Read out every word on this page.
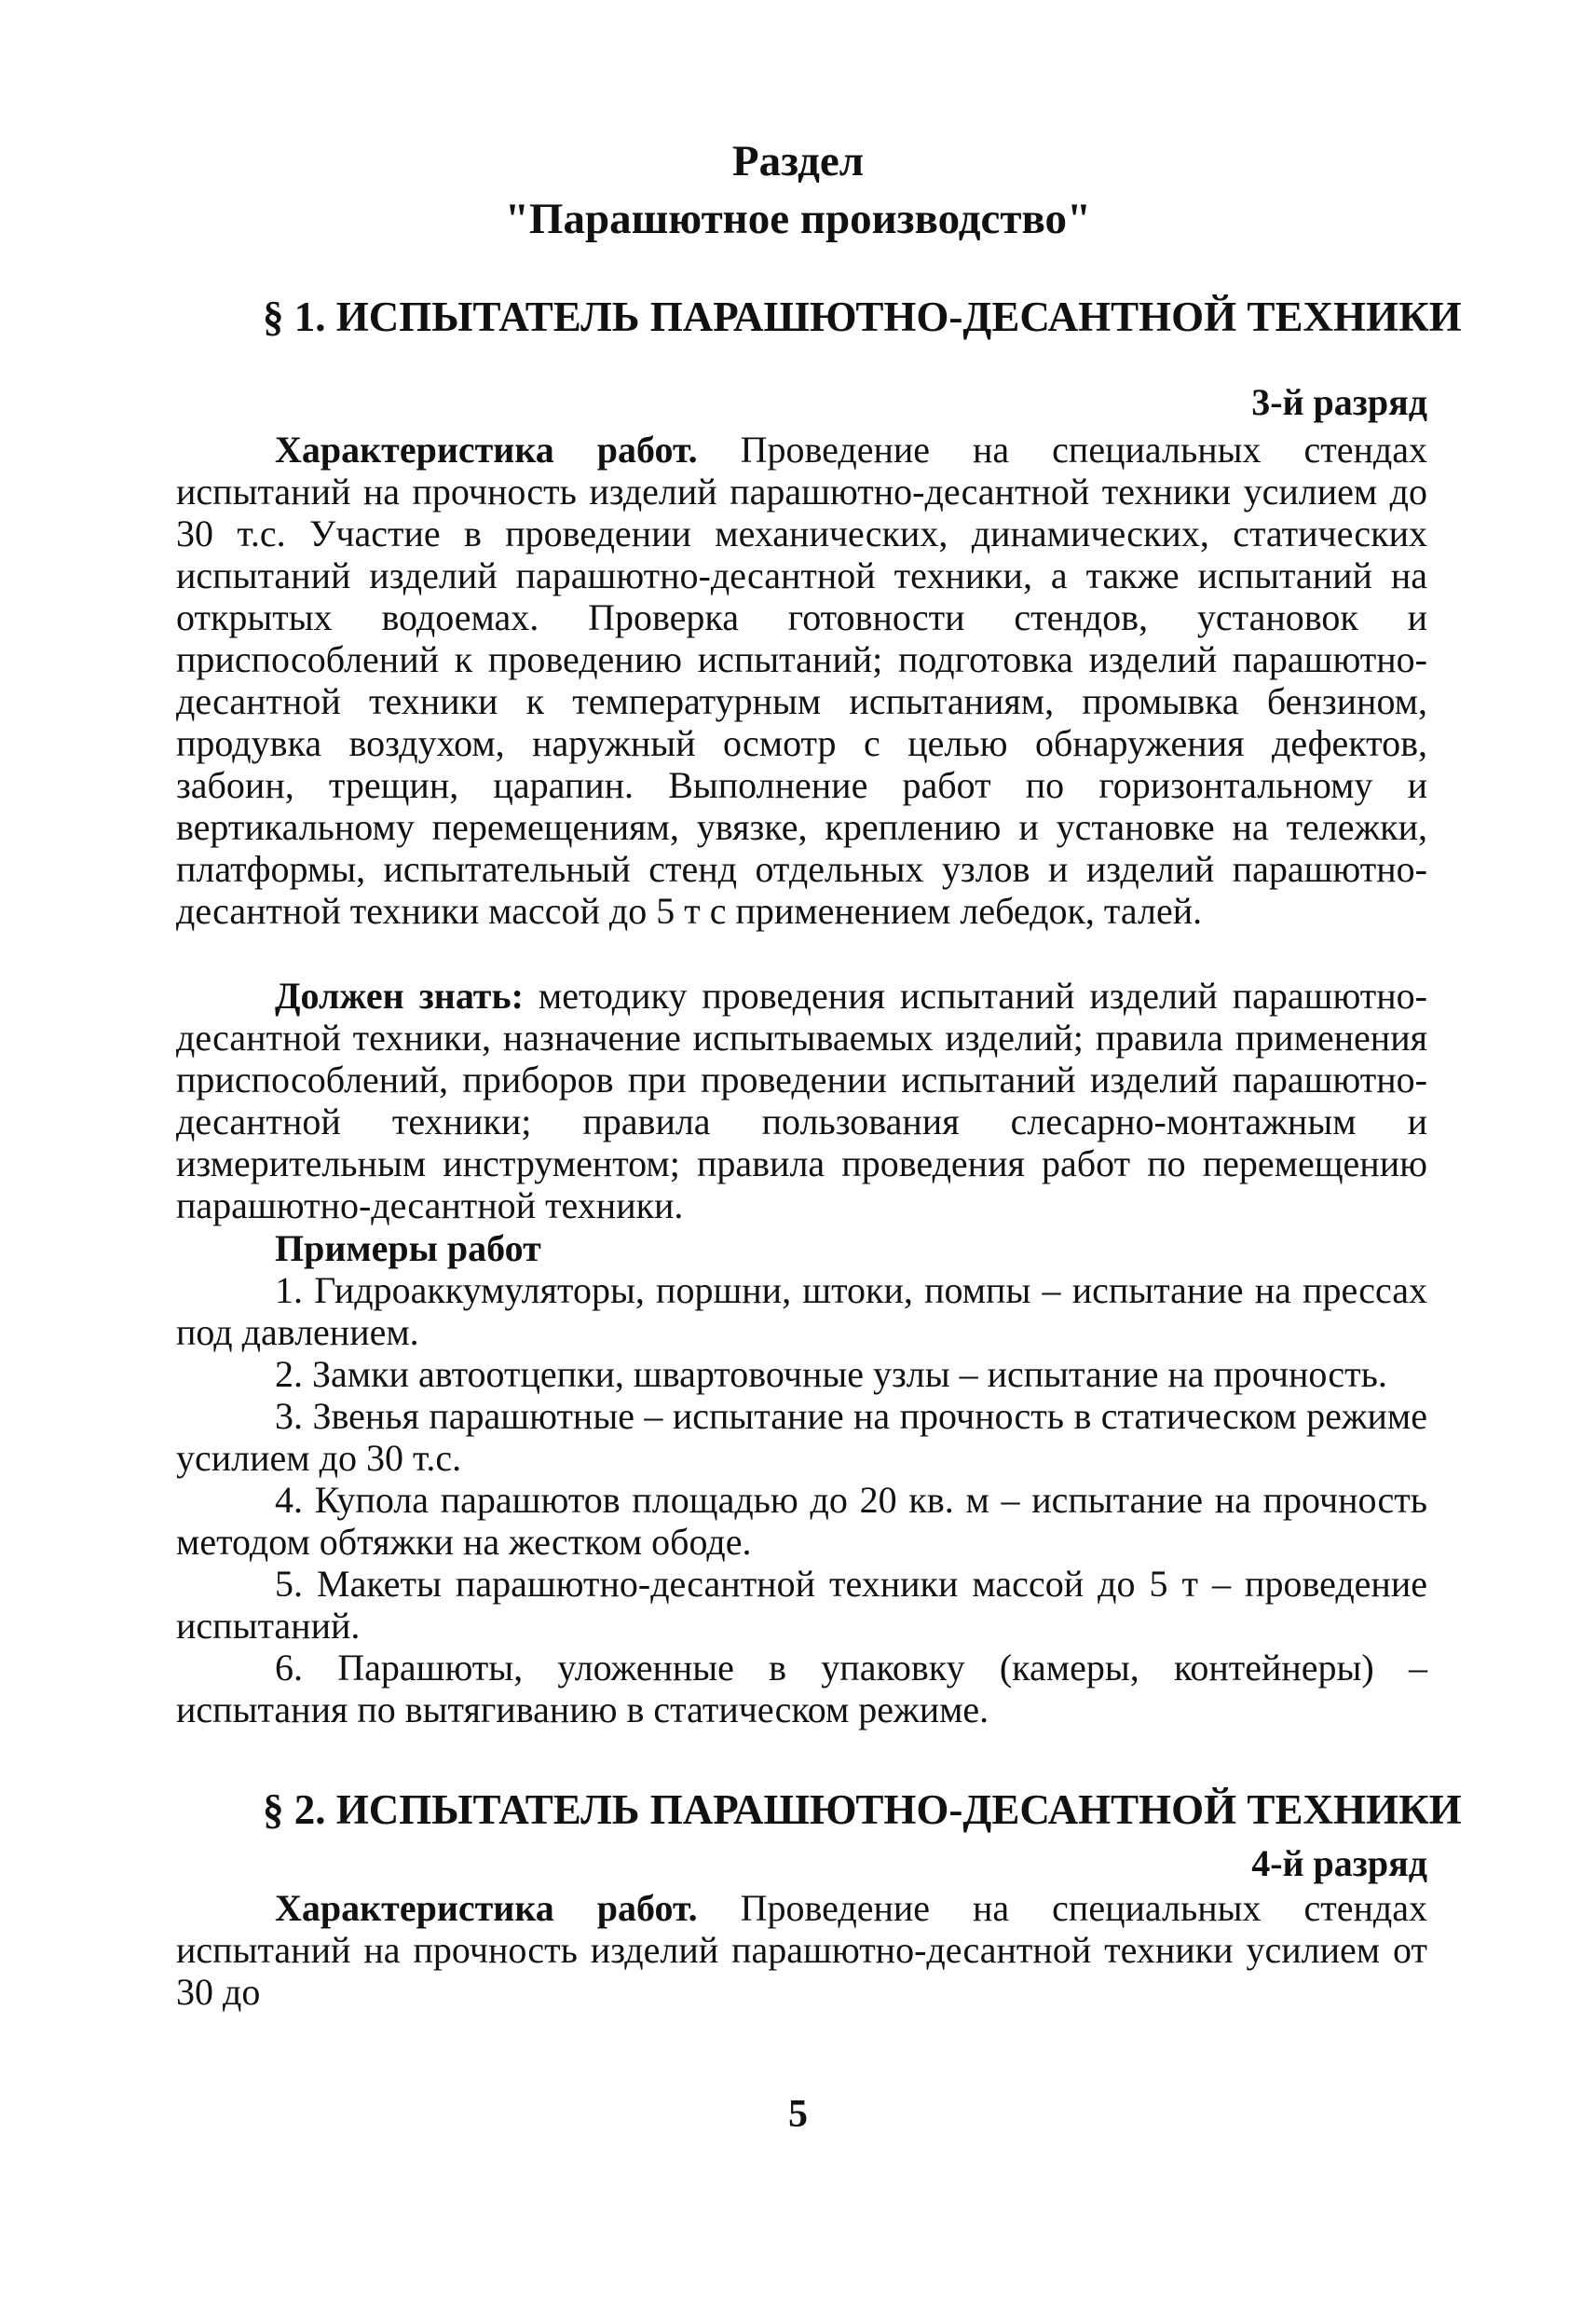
Раздел
"Парашютное производство"
§ 1. ИСПЫТАТЕЛЬ ПАРАШЮТНО-ДЕСАНТНОЙ ТЕХНИКИ
3-й разряд

Характеристика работ. Проведение на специальных стендах испытаний на прочность изделий парашютно-десантной техники усилием до 30 т.с. Участие в проведении механических, динамических, статических испытаний изделий парашютно-десантной техники, а также испытаний на открытых водоемах. Проверка готовности стендов, установок и приспособлений к проведению испытаний; подготовка изделий парашютно-десантной техники к температурным испытаниям, промывка бензином, продувка воздухом, наружный осмотр с целью обнаружения дефектов, забоин, трещин, царапин. Выполнение работ по горизонтальному и вертикальному перемещениям, увязке, креплению и установке на тележки, платформы, испытательный стенд отдельных узлов и изделий парашютно-десантной техники массой до 5 т с применением лебедок, талей.

Должен знать: методику проведения испытаний изделий парашютно-десантной техники, назначение испытываемых изделий; правила применения приспособлений, приборов при проведении испытаний изделий парашютно-десантной техники; правила пользования слесарно-монтажным и измерительным инструментом; правила проведения работ по перемещению парашютно-десантной техники.

Примеры работ

1. Гидроаккумуляторы, поршни, штоки, помпы – испытание на прессах под давлением.

2. Замки автоотцепки, швартовочные узлы – испытание на прочность.

3. Звенья парашютные – испытание на прочность в статическом режиме усилием до 30 т.с.

4. Купола парашютов площадью до 20 кв. м – испытание на прочность методом обтяжки на жестком ободе.

5. Макеты парашютно-десантной техники массой до 5 т – проведение испытаний.

6. Парашюты, уложенные в упаковку (камеры, контейнеры) – испытания по вытягиванию в статическом режиме.

§ 2. ИСПЫТАТЕЛЬ ПАРАШЮТНО-ДЕСАНТНОЙ ТЕХНИКИ
4-й разряд

Характеристика работ. Проведение на специальных стендах испытаний на прочность изделий парашютно-десантной техники усилием от 30 до

5
